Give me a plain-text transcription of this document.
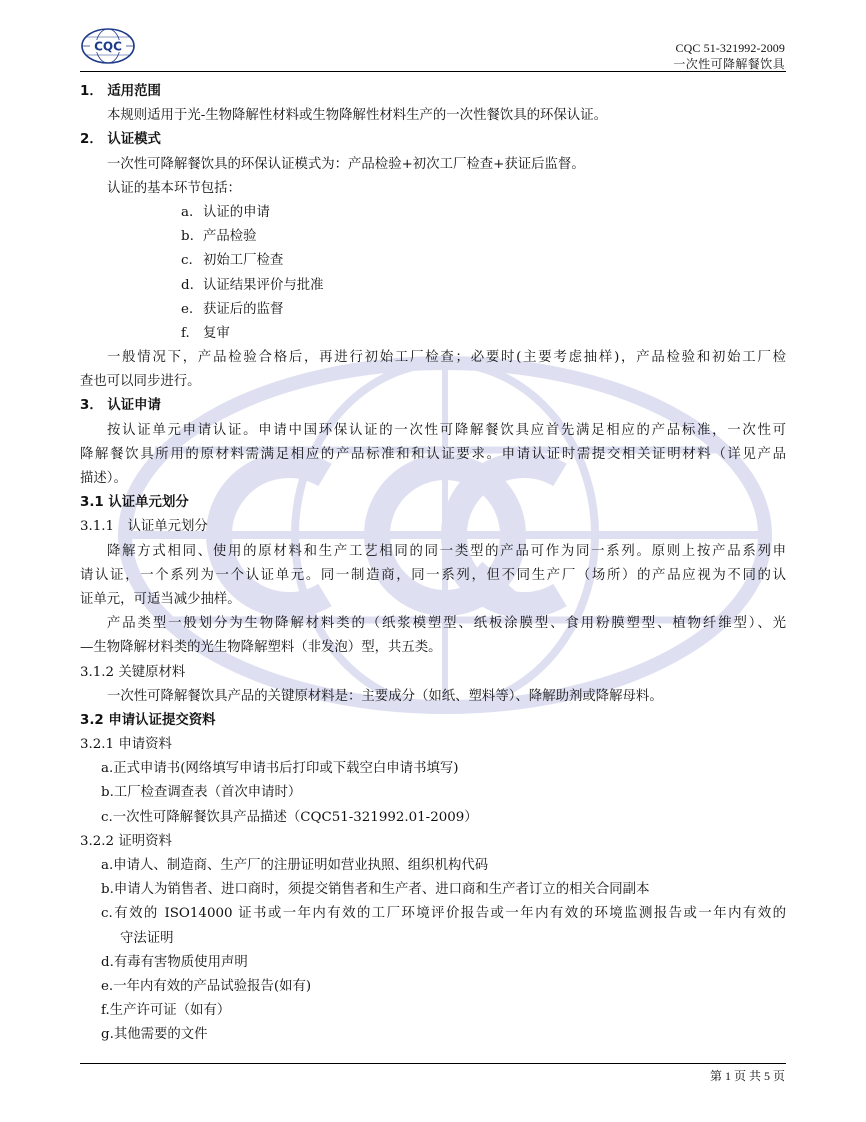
CQC	CQC 51-321992-2009
一次性可降解餐饮具
1． 适用范围
本规则适用于光-生物降解性材料或生物降解性材料生产的一次性餐饮具的环保认证。
2． 认证模式
一次性可降解餐饮具的环保认证模式为：产品检验+初次工厂检查+获证后监督。
认证的基本环节包括：
a. 认证的申请
b. 产品检验
c. 初始工厂检查
d. 认证结果评价与批准
e. 获证后的监督
f. 复审
一般情况下，产品检验合格后，再进行初始工厂检查；必要时(主要考虑抽样)，产品检验和初始工厂检
查也可以同步进行。
3． 认证申请
按认证单元申请认证。申请中国环保认证的一次性可降解餐饮具应首先满足相应的产品标准，一次性可
降解餐饮具所用的原材料需满足相应的产品标准和和认证要求。申请认证时需提交相关证明材料（详见产品
描述）。
3.1 认证单元划分
3.1.1　认证单元划分
降解方式相同、使用的原材料和生产工艺相同的同一类型的产品可作为同一系列。原则上按产品系列申
请认证，一个系列为一个认证单元。同一制造商，同一系列，但不同生产厂（场所）的产品应视为不同的认
证单元，可适当减少抽样。
产品类型一般划分为生物降解材料类的（纸浆模塑型、纸板涂膜型、食用粉膜塑型、植物纤维型）、光
—生物降解材料类的光生物降解塑料（非发泡）型，共五类。
3.1.2 关键原材料
一次性可降解餐饮具产品的关键原材料是：主要成分（如纸、塑料等）、降解助剂或降解母料。
3.2 申请认证提交资料
3.2.1 申请资料
a.正式申请书(网络填写申请书后打印或下载空白申请书填写)
b.工厂检查调查表（首次申请时）
c.一次性可降解餐饮具产品描述（CQC51-321992.01-2009）
3.2.2 证明资料
a.申请人、制造商、生产厂的注册证明如营业执照、组织机构代码
b.申请人为销售者、进口商时，须提交销售者和生产者、进口商和生产者订立的相关合同副本
c.有效的 ISO14000 证书或一年内有效的工厂环境评价报告或一年内有效的环境监测报告或一年内有效的
守法证明
d.有毒有害物质使用声明
e.一年内有效的产品试验报告(如有)
f.生产许可证（如有）
g.其他需要的文件
第 1 页 共 5 页
